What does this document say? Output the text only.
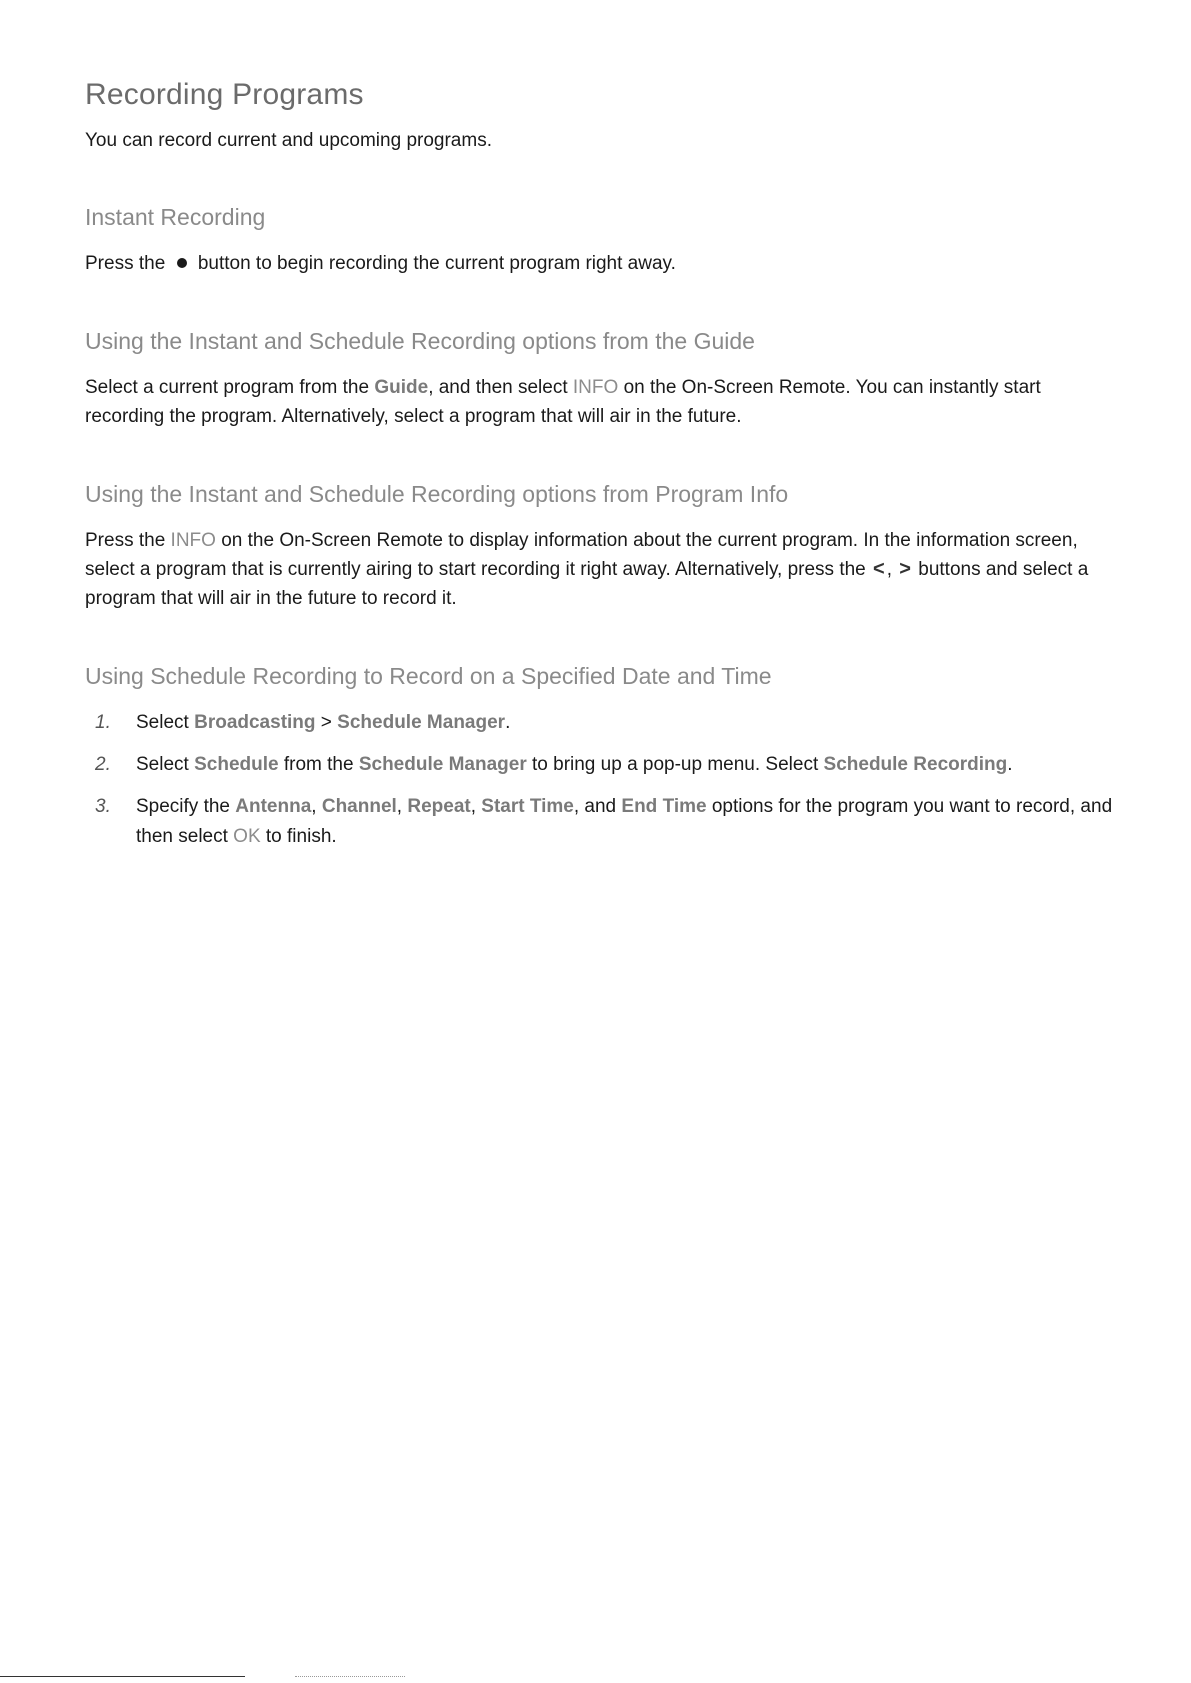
Recording Programs

You can record current and upcoming programs.

Instant Recording

Press the button to begin recording the current program right away.

Using the Instant and Schedule Recording options from the Guide

Select a current program from the Guide, and then select INFO on the On-Screen Remote. You can instantly start recording the program. Alternatively, select a program that will air in the future.

Using the Instant and Schedule Recording options from Program Info

Press the INFO on the On-Screen Remote to display information about the current program. In the information screen, select a program that is currently airing to start recording it right away. Alternatively, press the < , > buttons and select a program that will air in the future to record it.

Using Schedule Recording to Record on a Specified Date and Time
1. Select Broadcasting > Schedule Manager.
2. Select Schedule from the Schedule Manager to bring up a pop-up menu. Select Schedule Recording.
3. Specify the Antenna, Channel, Repeat, Start Time, and End Time options for the program you want to record, and then select OK to finish.
